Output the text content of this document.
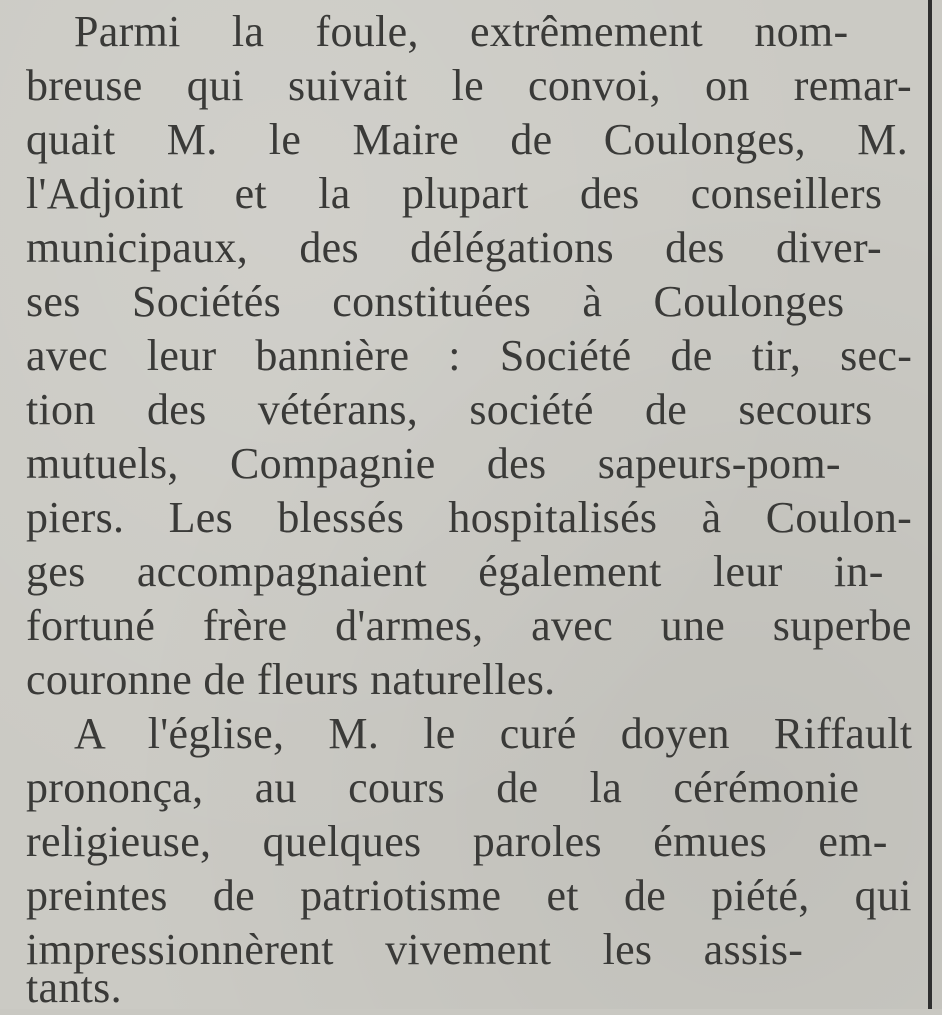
Parmi la foule, extrêmement nom-
breuse qui suivait le convoi, on remar-
quait M. le Maire de Coulonges, M.
l'Adjoint et la plupart des conseillers
municipaux, des délégations des diver-
ses Sociétés constituées à Coulonges
avec leur bannière : Société de tir, sec-
tion des vétérans, société de secours
mutuels, Compagnie des sapeurs-pom-
piers. Les blessés hospitalisés à Coulon-
ges accompagnaient également leur in-
fortuné frère d'armes, avec une superbe
couronne de fleurs naturelles.
A l'église, M. le curé doyen Riffault
prononça, au cours de la cérémonie
religieuse, quelques paroles émues em-
preintes de patriotisme et de piété, qui
impressionnèrent vivement les assis-
tants.
